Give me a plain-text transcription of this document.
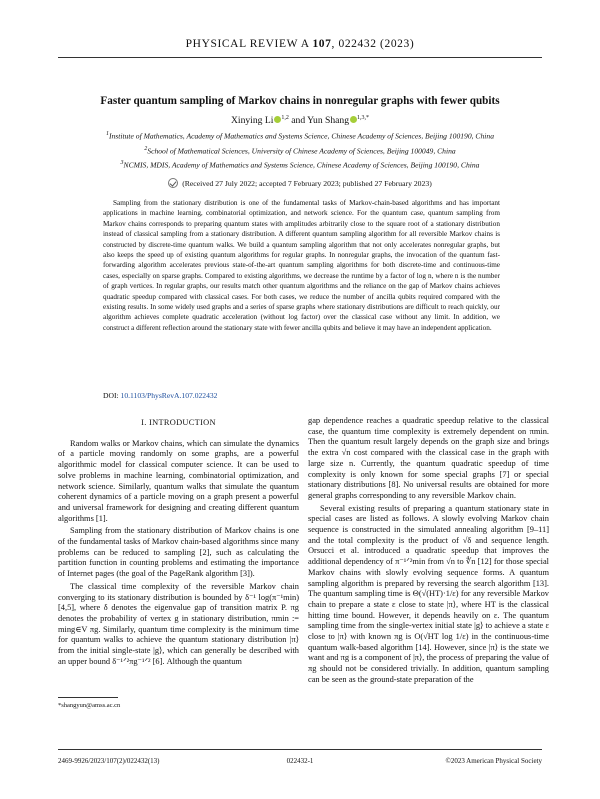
PHYSICAL REVIEW A 107, 022432 (2023)
Faster quantum sampling of Markov chains in nonregular graphs with fewer qubits
Xinying Li $^{1,2}$ and Yun Shang $^{1,3,*}$
$^1$Institute of Mathematics, Academy of Mathematics and Systems Science, Chinese Academy of Sciences, Beijing 100190, China
$^2$School of Mathematical Sciences, University of Chinese Academy of Sciences, Beijing 100049, China
$^3$NCMIS, MDIS, Academy of Mathematics and Systems Science, Chinese Academy of Sciences, Beijing 100190, China
(Received 27 July 2022; accepted 7 February 2023; published 27 February 2023)
Sampling from the stationary distribution is one of the fundamental tasks of Markov-chain-based algorithms and has important applications in machine learning, combinatorial optimization, and network science. For the quantum case, quantum sampling from Markov chains corresponds to preparing quantum states with amplitudes arbitrarily close to the square root of a stationary distribution instead of classical sampling from a stationary distribution. A different quantum sampling algorithm for all reversible Markov chains is constructed by discrete-time quantum walks. We build a quantum sampling algorithm that not only accelerates nonregular graphs, but also keeps the speed up of existing quantum algorithms for regular graphs. In nonregular graphs, the invocation of the quantum fast-forwarding algorithm accelerates previous state-of-the-art quantum sampling algorithms for both discrete-time and continuous-time cases, especially on sparse graphs. Compared to existing algorithms, we decrease the runtime by a factor of log n, where n is the number of graph vertices. In regular graphs, our results match other quantum algorithms and the reliance on the gap of Markov chains achieves quadratic speedup compared with classical cases. For both cases, we reduce the number of ancilla qubits required compared with the existing results. In some widely used graphs and a series of sparse graphs where stationary distributions are difficult to reach quickly, our algorithm achieves complete quadratic acceleration (without log factor) over the classical case without any limit. In addition, we construct a different reflection around the stationary state with fewer ancilla qubits and believe it may have an independent application.
DOI: 10.1103/PhysRevA.107.022432
I. INTRODUCTION

Random walks or Markov chains, which can simulate the dynamics of a particle moving randomly on some graphs, are a powerful algorithmic model for classical computer science. It can be used to solve problems in machine learning, combinatorial optimization, and network science. Similarly, quantum walks that simulate the quantum coherent dynamics of a particle moving on a graph present a powerful and universal framework for designing and creating different quantum algorithms [1].

Sampling from the stationary distribution of Markov chains is one of the fundamental tasks of Markov chain-based algorithms since many problems can be reduced to sampling [2], such as calculating the partition function in counting problems and estimating the importance of Internet pages (the goal of the PageRank algorithm [3]).

The classical time complexity of the reversible Markov chain converging to its stationary distribution is bounded by δ⁻¹ log(π⁻¹min) [4,5], where δ denotes the eigenvalue gap of transition matrix P. πg denotes the probability of vertex g in stationary distribution, πmin := ming∈V πg. Similarly, quantum time complexity is the minimum time for quantum walks to achieve the quantum stationary distribution |π⟩ from the initial single-state |g⟩, which can generally be described with an upper bound δ⁻¹ᐟ²πg⁻¹ᐟ² [6]. Although the quantum

gap dependence reaches a quadratic speedup relative to the classical case, the quantum time complexity is extremely dependent on πmin. Then the quantum result largely depends on the graph size and brings the extra √n cost compared with the classical case in the graph with large size n. Currently, the quantum quadratic speedup of time complexity is only known for some special graphs [7] or special stationary distributions [8]. No universal results are obtained for more general graphs corresponding to any reversible Markov chain.

Several existing results of preparing a quantum stationary state in special cases are listed as follows. A slowly evolving Markov chain sequence is constructed in the simulated annealing algorithm [9–11] and the total complexity is the product of √δ and sequence length. Orsucci et al. introduced a quadratic speedup that improves the additional dependency of π⁻¹ᐟ²min from √n to ∜n [12] for those special Markov chains with slowly evolving sequence forms. A quantum sampling algorithm is prepared by reversing the search algorithm [13]. The quantum sampling time is Θ(√(HT)·1/ε) for any reversible Markov chain to prepare a state ε close to state |π⟩, where HT is the classical hitting time bound. However, it depends heavily on ε. The quantum sampling time from the single-vertex initial state |g⟩ to achieve a state ε close to |π⟩ with known πg is O(√HT log 1/ε) in the continuous-time quantum walk-based algorithm [14]. However, since |π⟩ is the state we want and πg is a component of |π⟩, the process of preparing the value of πg should not be considered trivially. In addition, quantum sampling can be seen as the ground-state preparation of the

*shangyun@amss.ac.cn
2469-9926/2023/107(2)/022432(13)	022432-1	©2023 American Physical Society
